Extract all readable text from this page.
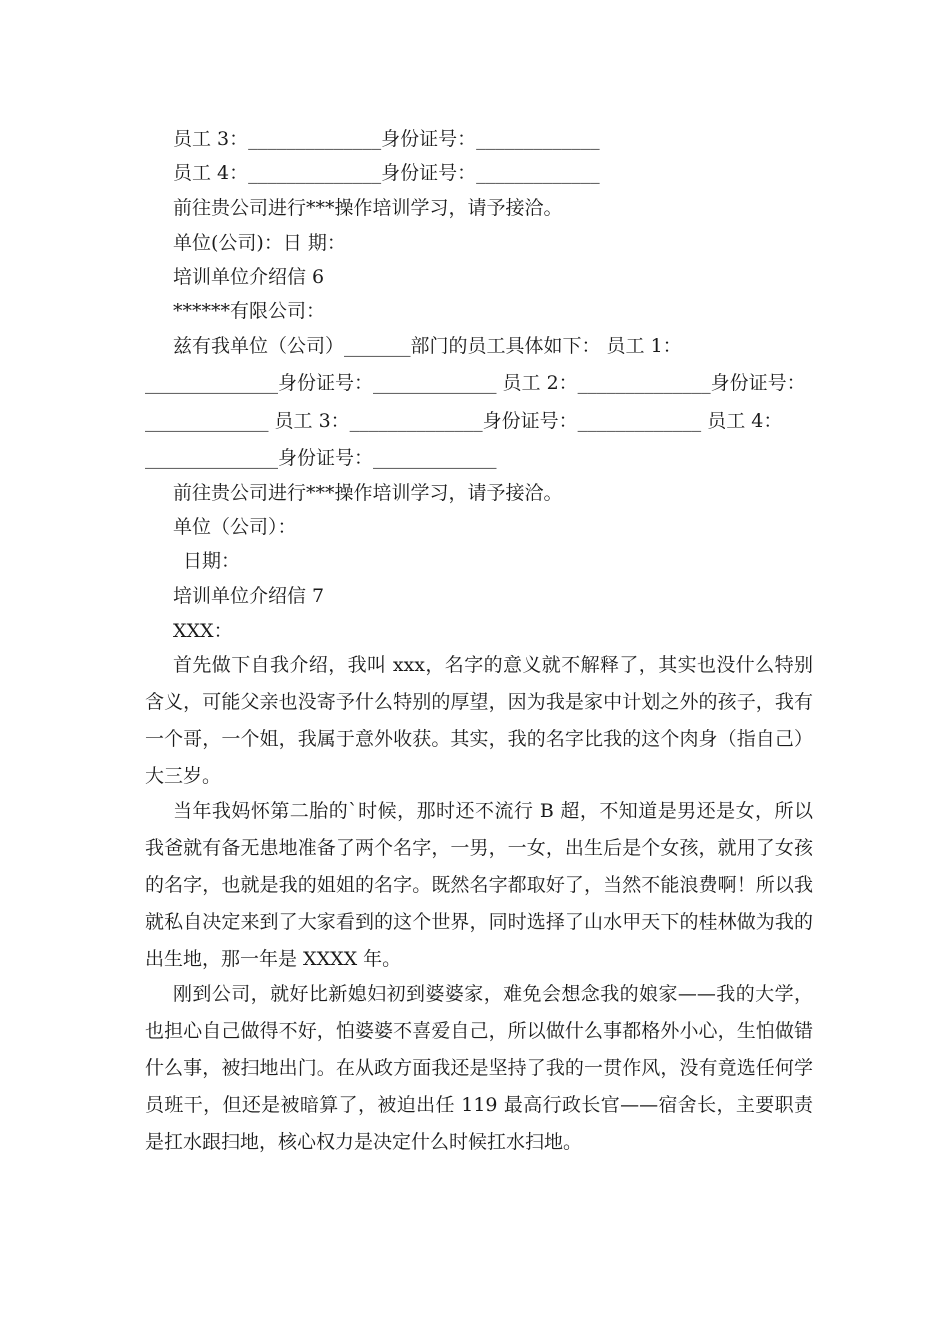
员工 3：______________身份证号：_____________
员工 4：______________身份证号：_____________
前往贵公司进行***操作培训学习，请予接洽。
单位(公司)：日 期：
培训单位介绍信 6
******有限公司：
兹有我单位（公司）_______部门的员工具体如下： 员工 1：
______________身份证号：_____________ 员工 2：______________身份证号：
_____________ 员工 3：______________身份证号：_____________ 员工 4：
______________身份证号：_____________
前往贵公司进行***操作培训学习，请予接洽。
单位（公司）：
日期：
培训单位介绍信 7
XXX：

首先做下自我介绍，我叫 xxx，名字的意义就不解释了，其实也没什么特别含义，可能父亲也没寄予什么特别的厚望，因为我是家中计划之外的孩子，我有一个哥，一个姐，我属于意外收获。其实，我的名字比我的这个肉身（指自己）大三岁。

当年我妈怀第二胎的`时候，那时还不流行 B 超，不知道是男还是女，所以我爸就有备无患地准备了两个名字，一男，一女，出生后是个女孩，就用了女孩的名字，也就是我的姐姐的名字。既然名字都取好了，当然不能浪费啊！所以我就私自决定来到了大家看到的这个世界，同时选择了山水甲天下的桂林做为我的出生地，那一年是 XXXX 年。

刚到公司，就好比新媳妇初到婆婆家，难免会想念我的娘家——我的大学，也担心自己做得不好，怕婆婆不喜爱自己，所以做什么事都格外小心，生怕做错什么事，被扫地出门。在从政方面我还是坚持了我的一贯作风，没有竟选任何学员班干，但还是被暗算了，被迫出任 119 最高行政长官——宿舍长，主要职责是扛水跟扫地，核心权力是决定什么时候扛水扫地。
